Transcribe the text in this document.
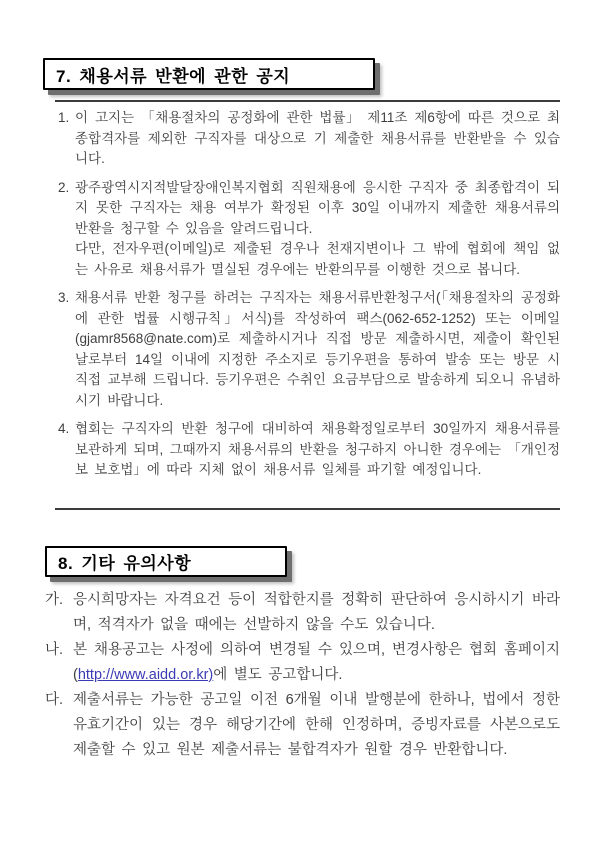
7. 채용서류 반환에 관한 공지
1. 이 고지는 「채용절차의 공정화에 관한 법률」 제11조 제6항에 따른 것으로 최종합격자를 제외한 구직자를 대상으로 기 제출한 채용서류를 반환받을 수 있습니다.

2. 광주광역시지적발달장애인복지협회 직원채용에 응시한 구직자 중 최종합격이 되지 못한 구직자는 채용 여부가 확정된 이후 30일 이내까지 제출한 채용서류의 반환을 청구할 수 있음을 알려드립니다.

다만, 전자우편(이메일)로 제출된 경우나 천재지변이나 그 밖에 협회에 책임 없는 사유로 채용서류가 멸실된 경우에는 반환의무를 이행한 것으로 봅니다.

3. 채용서류 반환 청구를 하려는 구직자는 채용서류반환청구서(「채용절차의 공정화에 관한 법률 시행규칙」서식)를 작성하여 팩스(062-652-1252) 또는 이메일(gjamr8568@nate.com)로 제출하시거나 직접 방문 제출하시면, 제출이 확인된 날로부터 14일 이내에 지정한 주소지로 등기우편을 통하여 발송 또는 방문 시 직접 교부해 드립니다. 등기우편은 수취인 요금부담으로 발송하게 되오니 유념하시기 바랍니다.

4. 협회는 구직자의 반환 청구에 대비하여 채용확정일로부터 30일까지 채용서류를 보관하게 되며, 그때까지 채용서류의 반환을 청구하지 아니한 경우에는 「개인정보 보호법」에 따라 지체 없이 채용서류 일체를 파기할 예정입니다.

8. 기타 유의사항
가. 응시희망자는 자격요건 등이 적합한지를 정확히 판단하여 응시하시기 바라며, 적격자가 없을 때에는 선발하지 않을 수도 있습니다.

나. 본 채용공고는 사정에 의하여 변경될 수 있으며, 변경사항은 협회 홈페이지(http://www.aidd.or.kr)에 별도 공고합니다.

다. 제출서류는 가능한 공고일 이전 6개월 이내 발행분에 한하나, 법에서 정한 유효기간이 있는 경우 해당기간에 한해 인정하며, 증빙자료를 사본으로도 제출할 수 있고 원본 제출서류는 불합격자가 원할 경우 반환합니다.
